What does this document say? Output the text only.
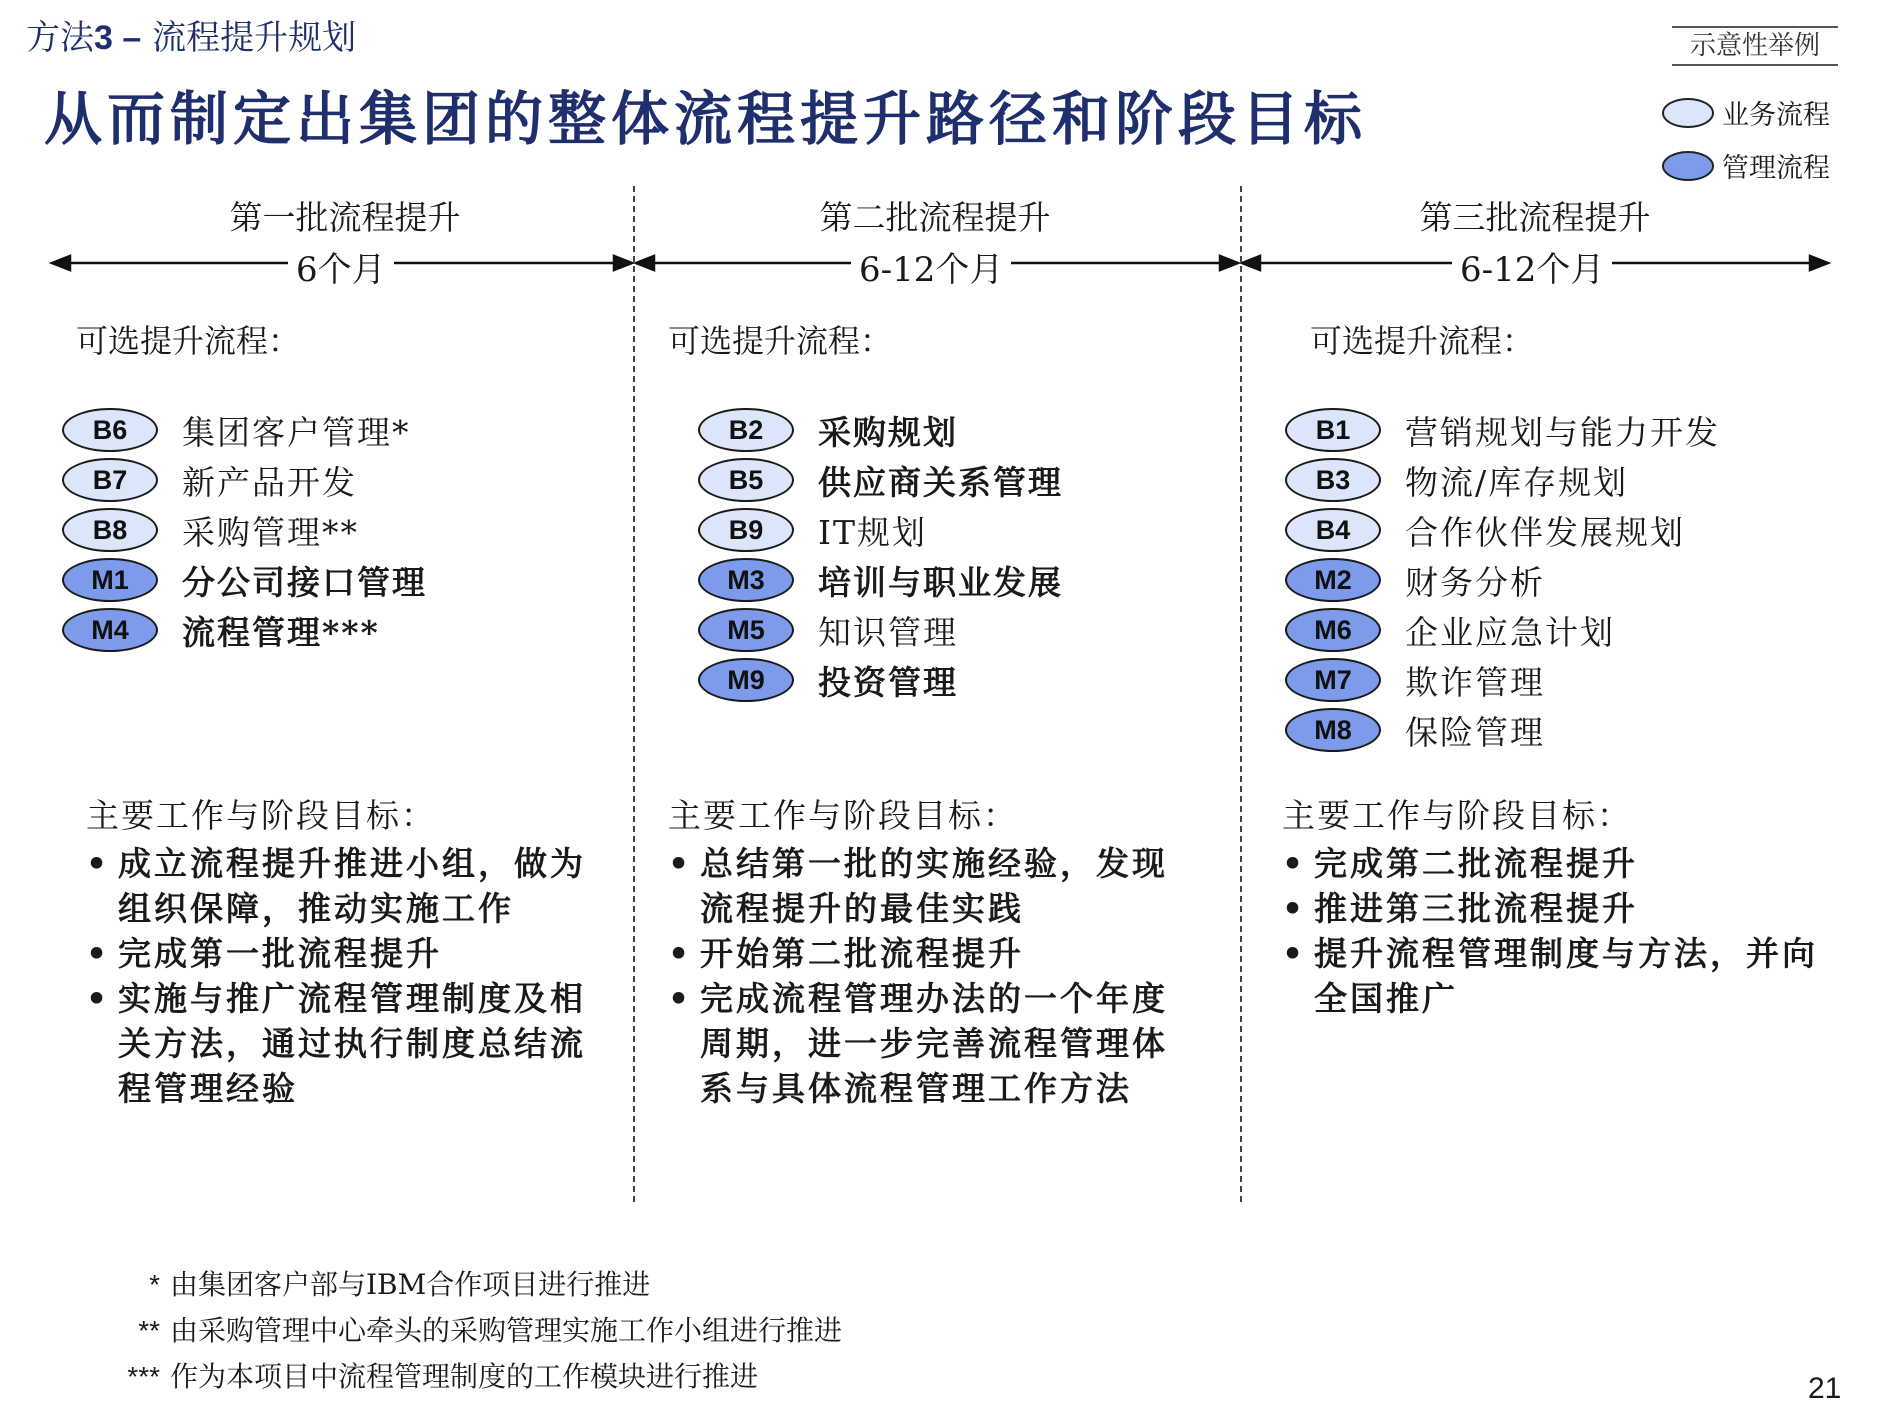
方法3 – 流程提升规划
从而制定出集团的整体流程提升路径和阶段目标
示意性举例
业务流程
管理流程
第一批流程提升	第二批流程提升	第三批流程提升
6个月	6-12个月	6-12个月
可选提升流程：	可选提升流程：	可选提升流程：
B6	集团客户管理*
B7	新产品开发
B8	采购管理**
M1	分公司接口管理
M4	流程管理***
B2	采购规划
B5	供应商关系管理
B9	IT规划
M3	培训与职业发展
M5	知识管理
M9	投资管理
B1	营销规划与能力开发
B3	物流/库存规划
B4	合作伙伴发展规划
M2	财务分析
M6	企业应急计划
M7	欺诈管理
M8	保险管理
主要工作与阶段目标：
• 成立流程提升推进小组，做为组织保障，推动实施工作
• 完成第一批流程提升
• 实施与推广流程管理制度及相关方法，通过执行制度总结流程管理经验
主要工作与阶段目标：
• 总结第一批的实施经验，发现流程提升的最佳实践
• 开始第二批流程提升
• 完成流程管理办法的一个年度周期，进一步完善流程管理体系与具体流程管理工作方法
主要工作与阶段目标：
• 完成第二批流程提升
• 推进第三批流程提升
• 提升流程管理制度与方法，并向全国推广
* 由集团客户部与IBM合作项目进行推进
** 由采购管理中心牵头的采购管理实施工作小组进行推进
*** 作为本项目中流程管理制度的工作模块进行推进	21
